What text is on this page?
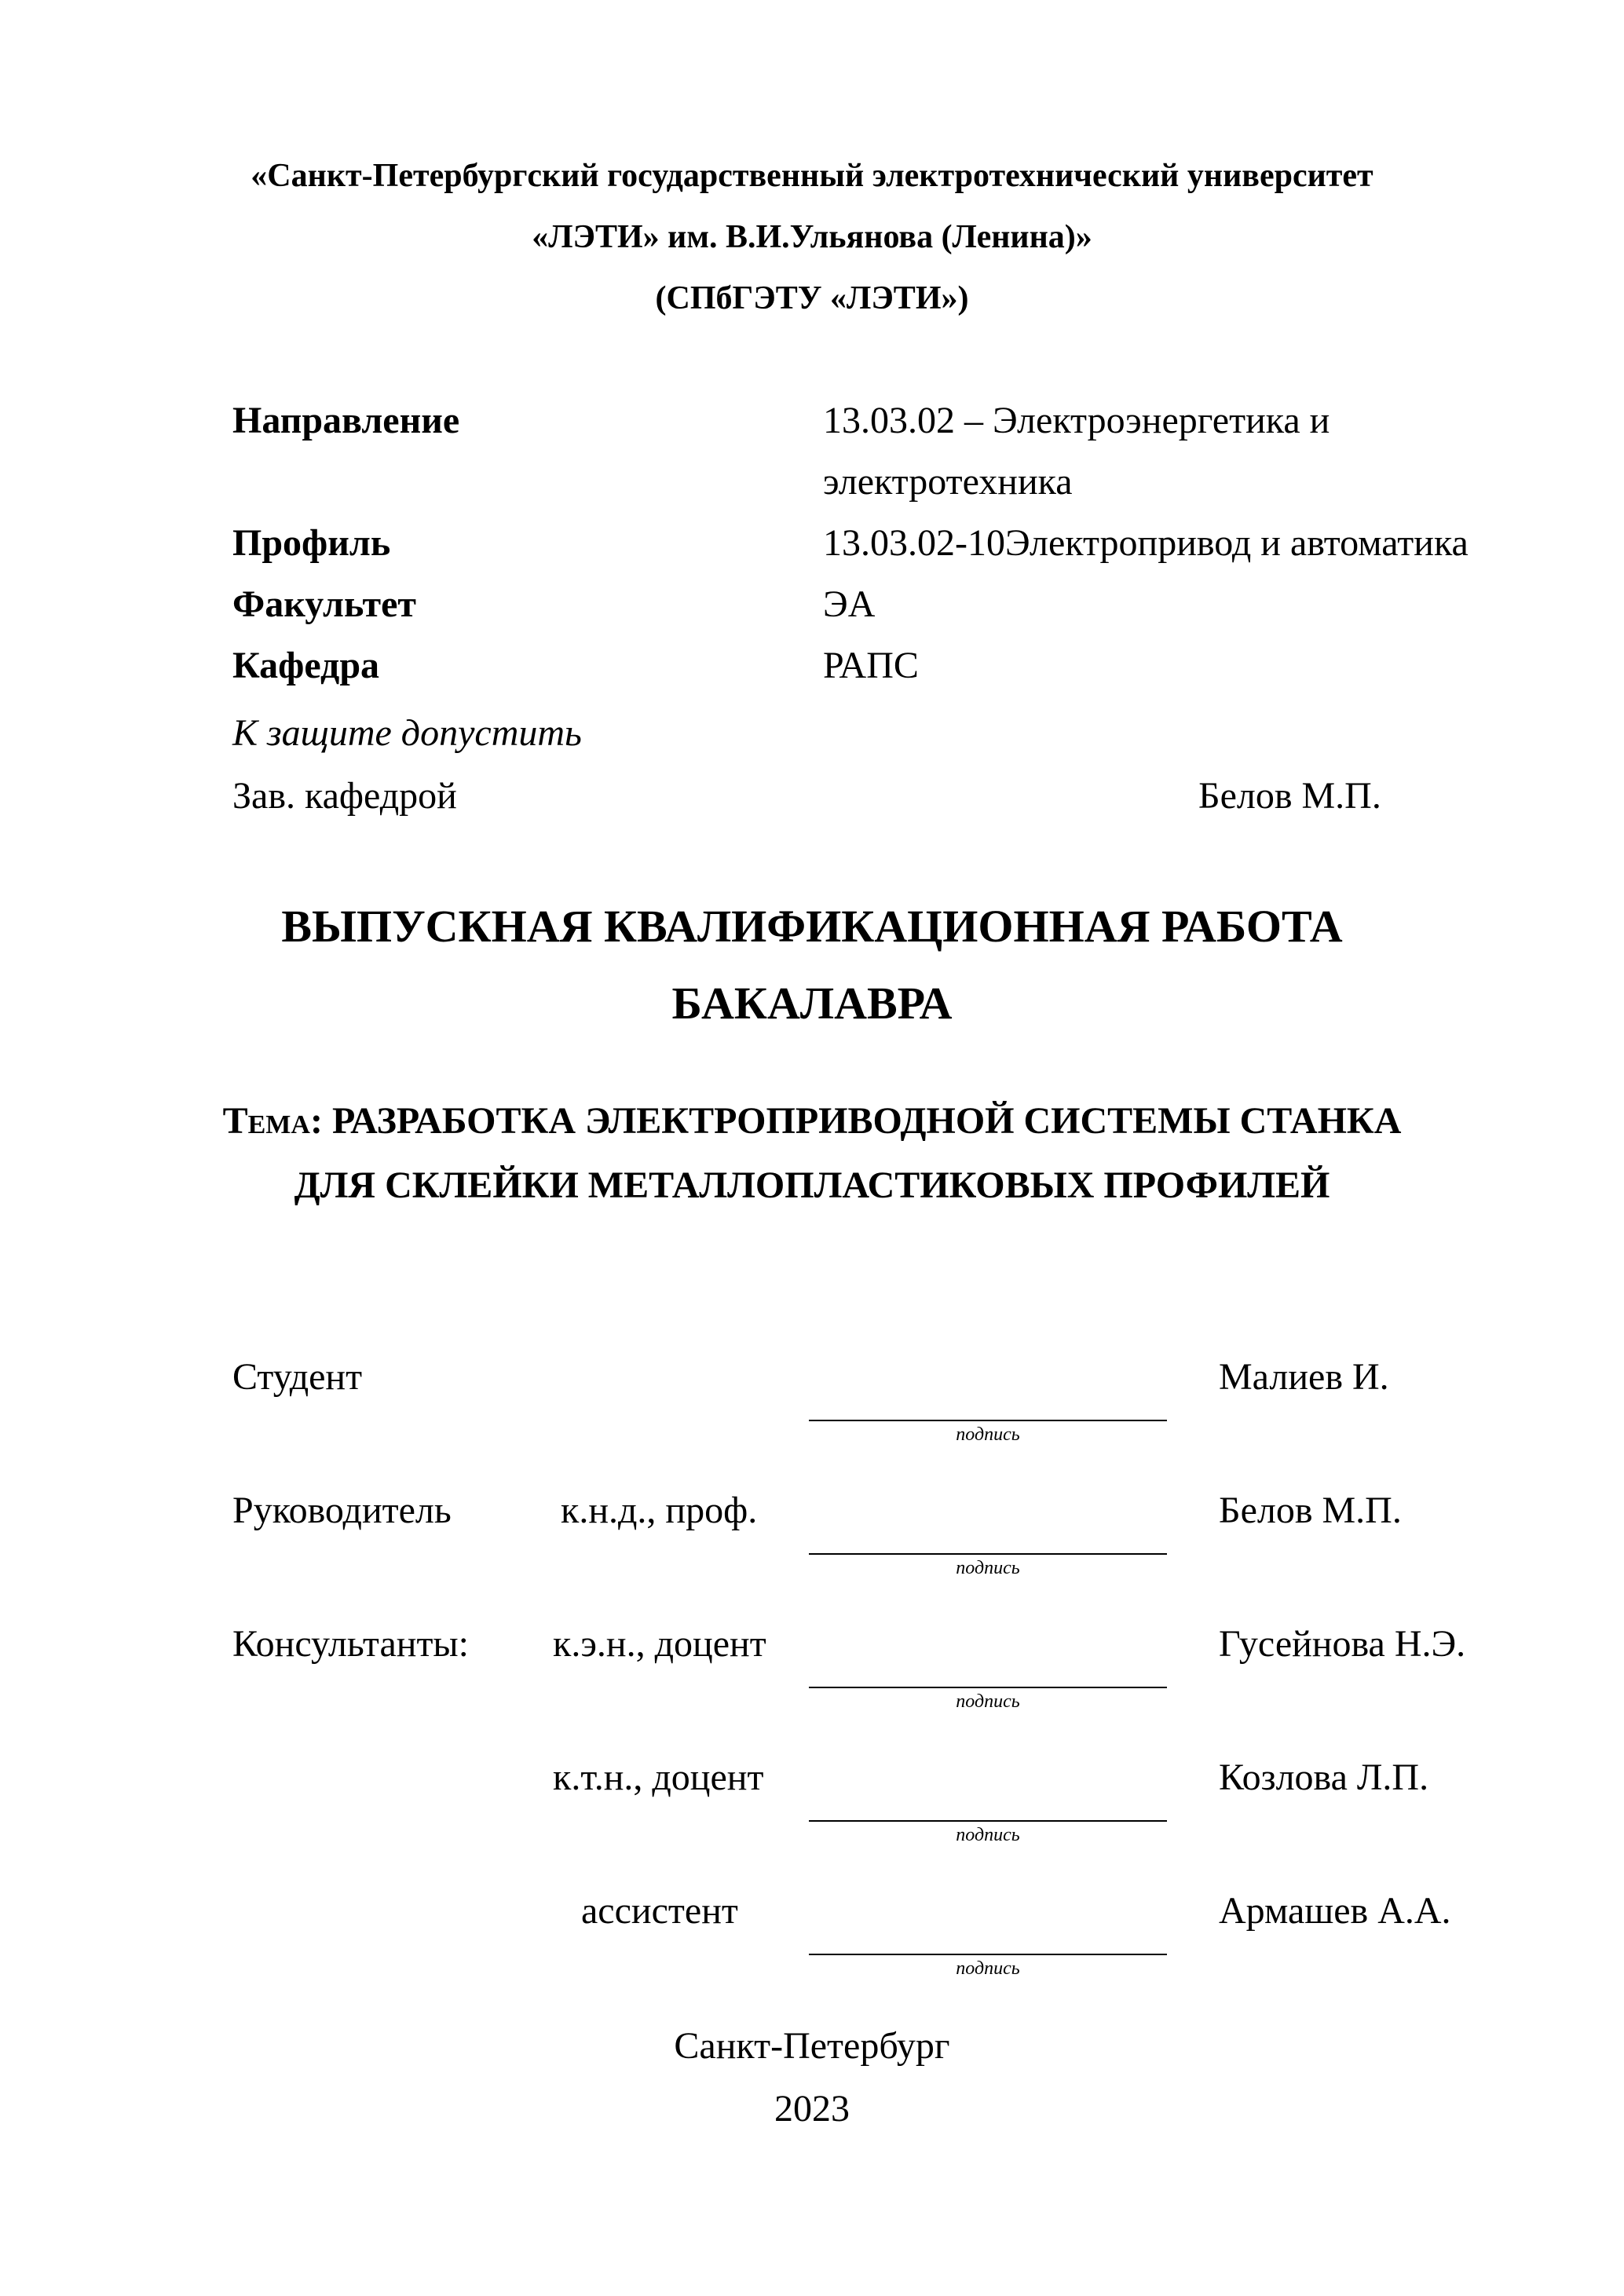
«Санкт-Петербургский государственный электротехнический университет
«ЛЭТИ» им. В.И.Ульянова (Ленина)»
(СПбГЭТУ «ЛЭТИ»)
Направление	13.03.02 – Электроэнергетика и
электротехника
Профиль	13.03.02-10Электропривод и автоматика
Факультет	ЭА
Кафедра	РАПС
К защите допустить
Зав. кафедрой	Белов М.П.
ВЫПУСКНАЯ КВАЛИФИКАЦИОННАЯ РАБОТА
БАКАЛАВРА
Тема: РАЗРАБОТКА ЭЛЕКТРОПРИВОДНОЙ СИСТЕМЫ СТАНКА
ДЛЯ СКЛЕЙКИ МЕТАЛЛОПЛАСТИКОВЫХ ПРОФИЛЕЙ
Студент	Малиев И.
подпись
Руководитель	к.н.д., проф.	Белов М.П.
подпись
Консультанты: к.э.н., доцент	Гусейнова Н.Э.
подпись
к.т.н., доцент	Козлова Л.П.
подпись
ассистент	Армашев А.А.
подпись
Санкт-Петербург
2023
